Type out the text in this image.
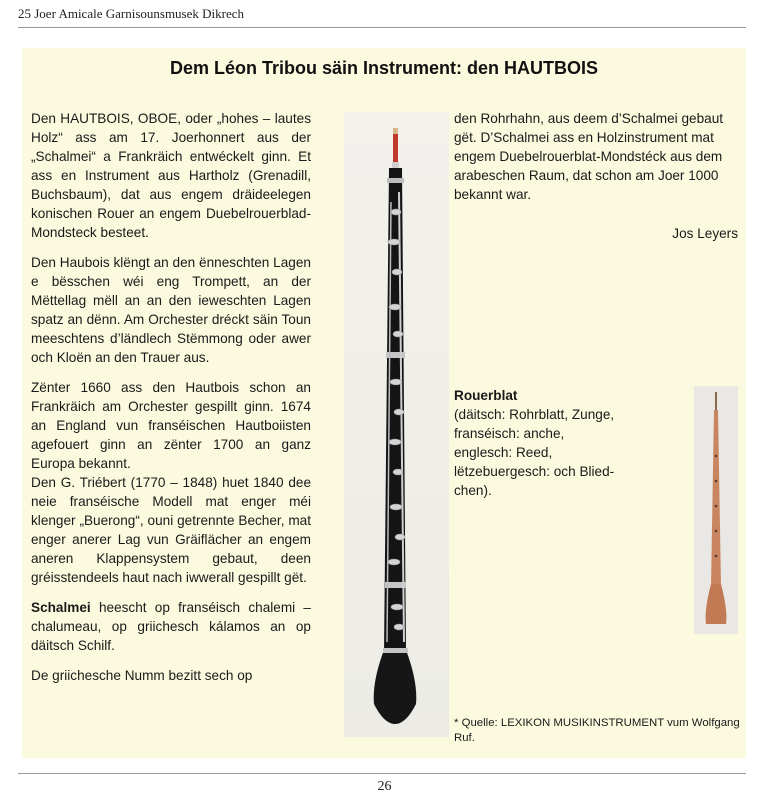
25 Joer Amicale Garnisounsmusek Dikrech
Dem Léon Tribou säin Instrument: den HAUTBOIS

Den HAUTBOIS, OBOE, oder „hohes – lautes Holz“ ass am 17. Joerhonnert aus der „Schalmei“ a Frankräich entwéckelt ginn. Et ass en Instrument aus Hartholz (Grenadill, Buchsbaum), dat aus engem dräideelegen konischen Rouer an engem Duebelrouerblad-Mondsteck besteet.

Den Haubois klëngt an den ënneschten Lagen e bësschen wéi eng Trompett, an der Mëttellag mëll an an den ieweschten Lagen spatz an dënn. Am Orchester dréckt säin Toun meeschtens d’ländlech Stëmmong oder awer och Kloën an den Trauer aus.

Zënter 1660 ass den Hautbois schon an Frankräich am Orchester gespillt ginn. 1674 an England vun franséischen Hautboiisten agefouert ginn an zënter 1700 an ganz Europa bekannt.

Den G. Triébert (1770 – 1848) huet 1840 dee neie franséische Modell mat enger méi klenger „Buerong“, ouni getrennte Becher, mat enger anerer Lag vun Gräiflächer an engem aneren Klappensystem gebaut, deen gréisstendeels haut nach iwwerall gespillt gët.

Schalmei heescht op franséisch chalemi – chalumeau, op griichesch kálamos an op däitsch Schilf.

De griichesche Numm bezitt sech op

den Rohrhahn, aus deem d’Schalmei gebaut gët. D’Schalmei ass en Holzinstrument mat engem Duebelrouerblat-Mondstéck aus dem arabeschen Raum, dat schon am Joer 1000 bekannt war.

Jos Leyers
Rouerblat
(däitsch: Rohrblatt, Zunge,
franséisch: anche,
englesch: Reed,
lëtzebuergesch: och Blied-
chen).
* Quelle: LEXIKON MUSIKINSTRUMENT vum Wolfgang Ruf.
26
